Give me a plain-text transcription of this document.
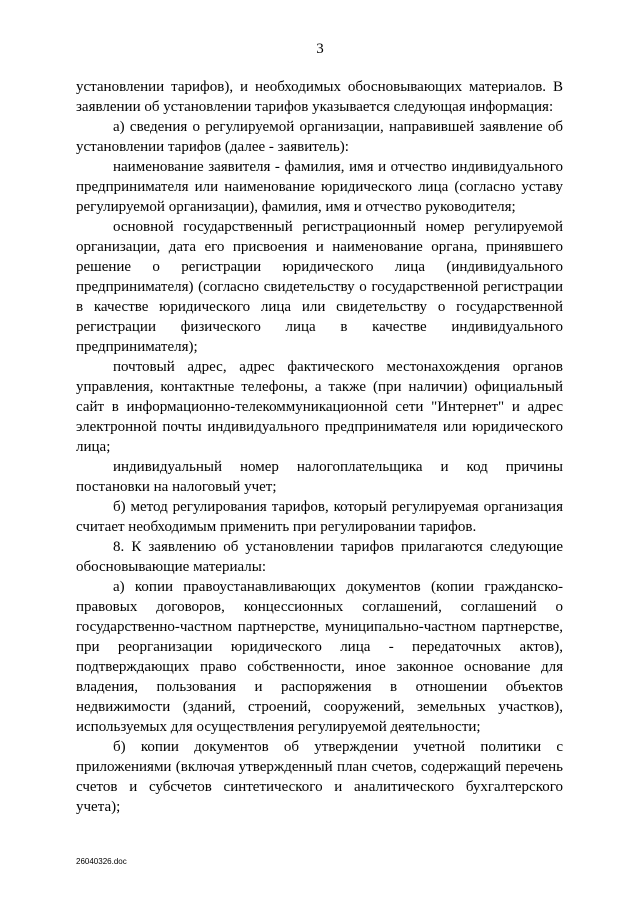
3

установлении тарифов), и необходимых обосновывающих материалов. В заявлении об установлении тарифов указывается следующая информация:

а) сведения о регулируемой организации, направившей заявление об установлении тарифов (далее - заявитель):

наименование заявителя - фамилия, имя и отчество индивидуального предпринимателя или наименование юридического лица (согласно уставу регулируемой организации), фамилия, имя и отчество руководителя;

основной государственный регистрационный номер регулируемой организации, дата его присвоения и наименование органа, принявшего решение о регистрации юридического лица (индивидуального предпринимателя) (согласно свидетельству о государственной регистрации в качестве юридического лица или свидетельству о государственной регистрации физического лица в качестве индивидуального предпринимателя);

почтовый адрес, адрес фактического местонахождения органов управления, контактные телефоны, а также (при наличии) официальный сайт в информационно-телекоммуникационной сети "Интернет" и адрес электронной почты индивидуального предпринимателя или юридического лица;

индивидуальный номер налогоплательщика и код причины постановки на налоговый учет;

б) метод регулирования тарифов, который регулируемая организация считает необходимым применить при регулировании тарифов.

8. К заявлению об установлении тарифов прилагаются следующие обосновывающие материалы:

а) копии правоустанавливающих документов (копии гражданско-правовых договоров, концессионных соглашений, соглашений о государственно-частном партнерстве, муниципально-частном партнерстве, при реорганизации юридического лица - передаточных актов), подтверждающих право собственности, иное законное основание для владения, пользования и распоряжения в отношении объектов недвижимости (зданий, строений, сооружений, земельных участков), используемых для осуществления регулируемой деятельности;

б) копии документов об утверждении учетной политики с приложениями (включая утвержденный план счетов, содержащий перечень счетов и субсчетов синтетического и аналитического бухгалтерского учета);

26040326.doc
